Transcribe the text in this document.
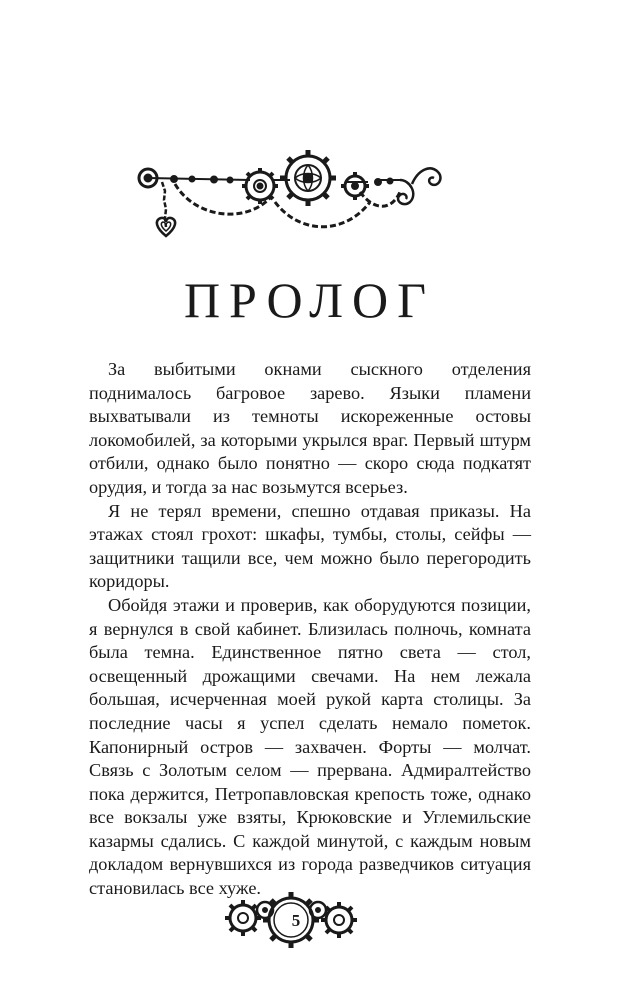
ПРОЛОГ

За выбитыми окнами сыскного отделения поднималось багровое зарево. Языки пламени выхватывали из темноты искореженные остовы локомобилей, за которыми укрылся враг. Первый штурм отбили, однако было понятно — скоро сюда подкатят орудия, и тогда за нас возьмутся всерьез.

Я не терял времени, спешно отдавая приказы. На этажах стоял грохот: шкафы, тумбы, столы, сейфы — защитники тащили все, чем можно было перегородить коридоры.

Обойдя этажи и проверив, как оборудуются позиции, я вернулся в свой кабинет. Близилась полночь, комната была темна. Единственное пятно света — стол, освещенный дрожащими свечами. На нем лежала большая, исчерченная моей рукой карта столицы. За последние часы я успел сделать немало пометок. Капонирный остров — захвачен. Форты — молчат. Связь с Золотым селом — прервана. Адмиралтейство пока держится, Петропавловская крепость тоже, однако все вокзалы уже взяты, Крюковские и Углемильские казармы сдались. С каждой минутой, с каждым новым докладом вернувшихся из города разведчиков ситуация становилась все хуже.

5
